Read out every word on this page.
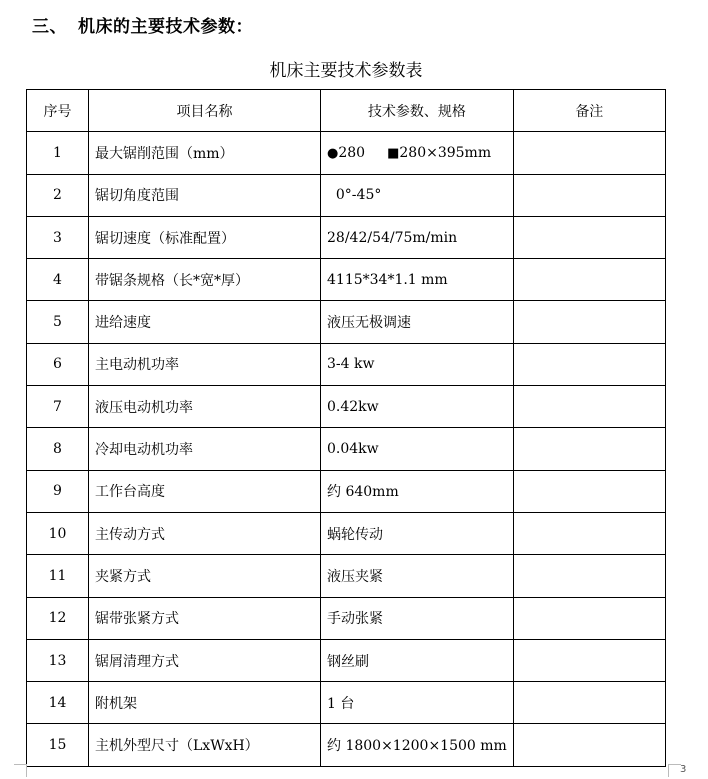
三、 机床的主要技术参数：
机床主要技术参数表
序号	项目名称	技术参数、规格	备注
1	最大锯削范围（mm）	●280 ■280×395mm	
2	锯切角度范围	0°-45°	
3	锯切速度（标准配置）	28/42/54/75m/min	
4	带锯条规格（长*宽*厚）	4115*34*1.1 mm	
5	进给速度	液压无极调速	
6	主电动机功率	3-4 kw	
7	液压电动机功率	0.42kw	
8	冷却电动机功率	0.04kw	
9	工作台高度	约 640mm	
10	主传动方式	蜗轮传动	
11	夹紧方式	液压夹紧	
12	锯带张紧方式	手动张紧	
13	锯屑清理方式	钢丝刷	
14	附机架	1 台	
15	主机外型尺寸（LxWxH）	约 1800×1200×1500 mm	
3
